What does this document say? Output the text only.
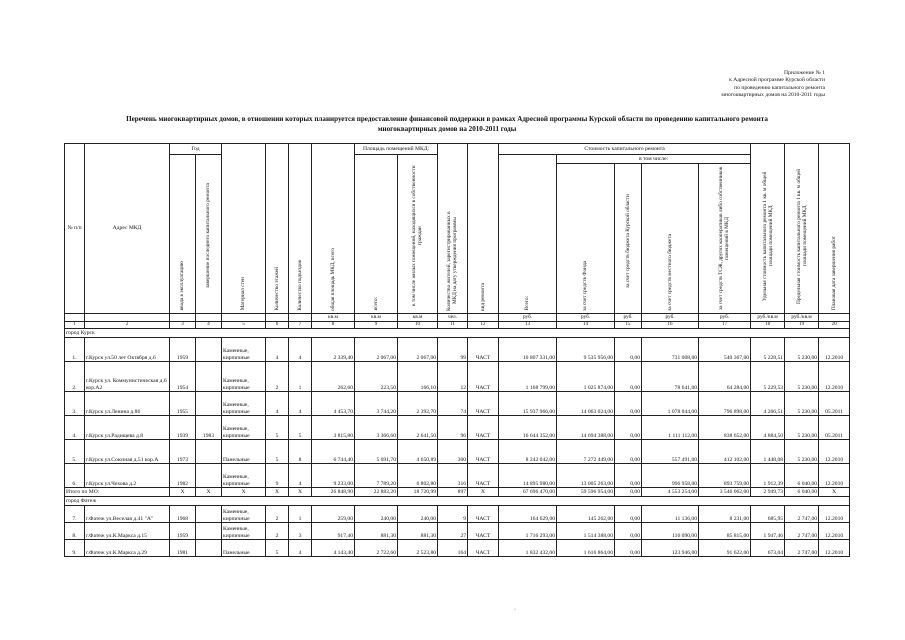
Приложение № 1
к Адресной программе Курской области
по проведению капитального ремонта
многоквартирных домов на 2010-2011 годы
Перечень многоквартирных домов, в отношении которых планируется предоставление финансовой поддержки в рамках Адресной программы Курской области по проведению капитального ремонта
многоквартирных домов на 2010-2011 годы
№ п/п	Адрес МКД	Год		Материал стен	Количество этажей	Количество подъездов	общая площадь МКД, всего	Площадь помещений МКД:		Количество жителей, зарегистрированных в МКД на дату утверждения программы	вид ремонта	Стоимость капитального ремонта					Удельная стоимость капитального ремонта 1 кв. м общей площади помещений МКД	Предельная стоимость капитального ремонта 1 кв. м общей площади помещений МКД	Плановая дата завершения работ
		ввода в эксплуатацию	завершение последнего капитального ремонта					всего:	в том числе жилых помещений, находящихся в собственности граждан			Всего:	в том числе:						
													за счет средств Фонда	за счет средств бюджета Курской области	за счет средств местного бюджета	за счет средств ТСЖ, других кооперативов либо собственников помещений в МКД			
							кв.м	кв.м	кв.м	чел.		руб.	руб.	руб.	руб.	руб.	руб./кв.м	руб./кв.м	
1	2	3	4	5	6	7	8	9	10	11	12	13	14	15	16	17	18	19	20
город Курск																			
1.	г.Курск ул.50 лет Октября д.6	1959		Каменные, кирпичные	4	4	2 339,40	2 067,00	2 067,00	99	ЧАСТ	10 807 331,00	9 535 956,00	0,00	731 008,00	540 367,00	5 228,51	5 230,00	12.2010
2.	г.Курск ул. Коммунистическая д.6 кор.А2	1954		Каменные, кирпичные	2	1	262,60	223,50	166,10	12	ЧАСТ	1 168 799,00	1 025 874,00	0,00	78 641,00	64 284,00	5 229,53	5 230,00	12.2010
3.	г.Курск ул.Ленина д.86	1955		Каменные, кирпичные	4	4	4 453,70	3 744,20	2 392,70	74	ЧАСТ	15 937 966,00	14 063 024,00	0,00	1 078 044,00	796 898,00	4 266,51	5 230,00	05.2011
4.	г.Курск ул.Радищева д.8	1939	1983	Каменные, кирпичные	5	5	3 815,80	3 366,60	2 641,50	96	ЧАСТ	16 644 352,00	14 694 388,00	0,00	1 111 112,00	838 652,00	4 884,50	5 230,00	05.2011
5.	г.Курск ул.Союзная д.51 кор.А	1973		Панельные	5	8	6 744,40	5 691,70	4 650,89	300	ЧАСТ	8 242 042,00	7 272 449,00	0,00	557 491,00	412 102,00	1 448,08	5 230,00	12.2010
6.	г.Курск ул.Чехова д.2	1982		Каменные, кирпичные	9	4	9 233,00	7 789,20	6 802,80	316	ЧАСТ	14 895 980,00	13 005 263,00	0,00	996 958,00	893 759,00	1 912,39	6 040,00	12.2010
Итого по МО:		X	X	X	X	X	26 848,90	22 882,20	18 720,99	897	X	67 696 470,00	59 596 954,00	0,00	4 553 254,00	3 546 062,00	2 949,73	6 040,00	X
город Фатеж																			
7.	г.Фатеж ул.Веселая д.41 "А"	1968		Каменные, кирпичные	2	1	259,00	240,00	240,00	9	ЧАСТ	164 629,00	145 262,00	0,00	11 136,00	8 231,00	685,95	2 747,00	12.2010
8.	г.Фатеж ул.К.Маркса д.15	1959		Каменные, кирпичные	2	3	917,40	881,30	881,30	27	ЧАСТ	1 716 293,00	1 514 388,00	0,00	116 090,00	85 815,00	1 947,46	2 747,00	12.2010
9.	г.Фатеж ул.К.Маркса д.29	1981		Панельные	5	4	4 143,40	2 722,60	2 523,80	164	ЧАСТ	1 832 432,00	1 616 864,00	0,00	123 946,00	91 622,00	673,04	2 747,00	12.2010
·
